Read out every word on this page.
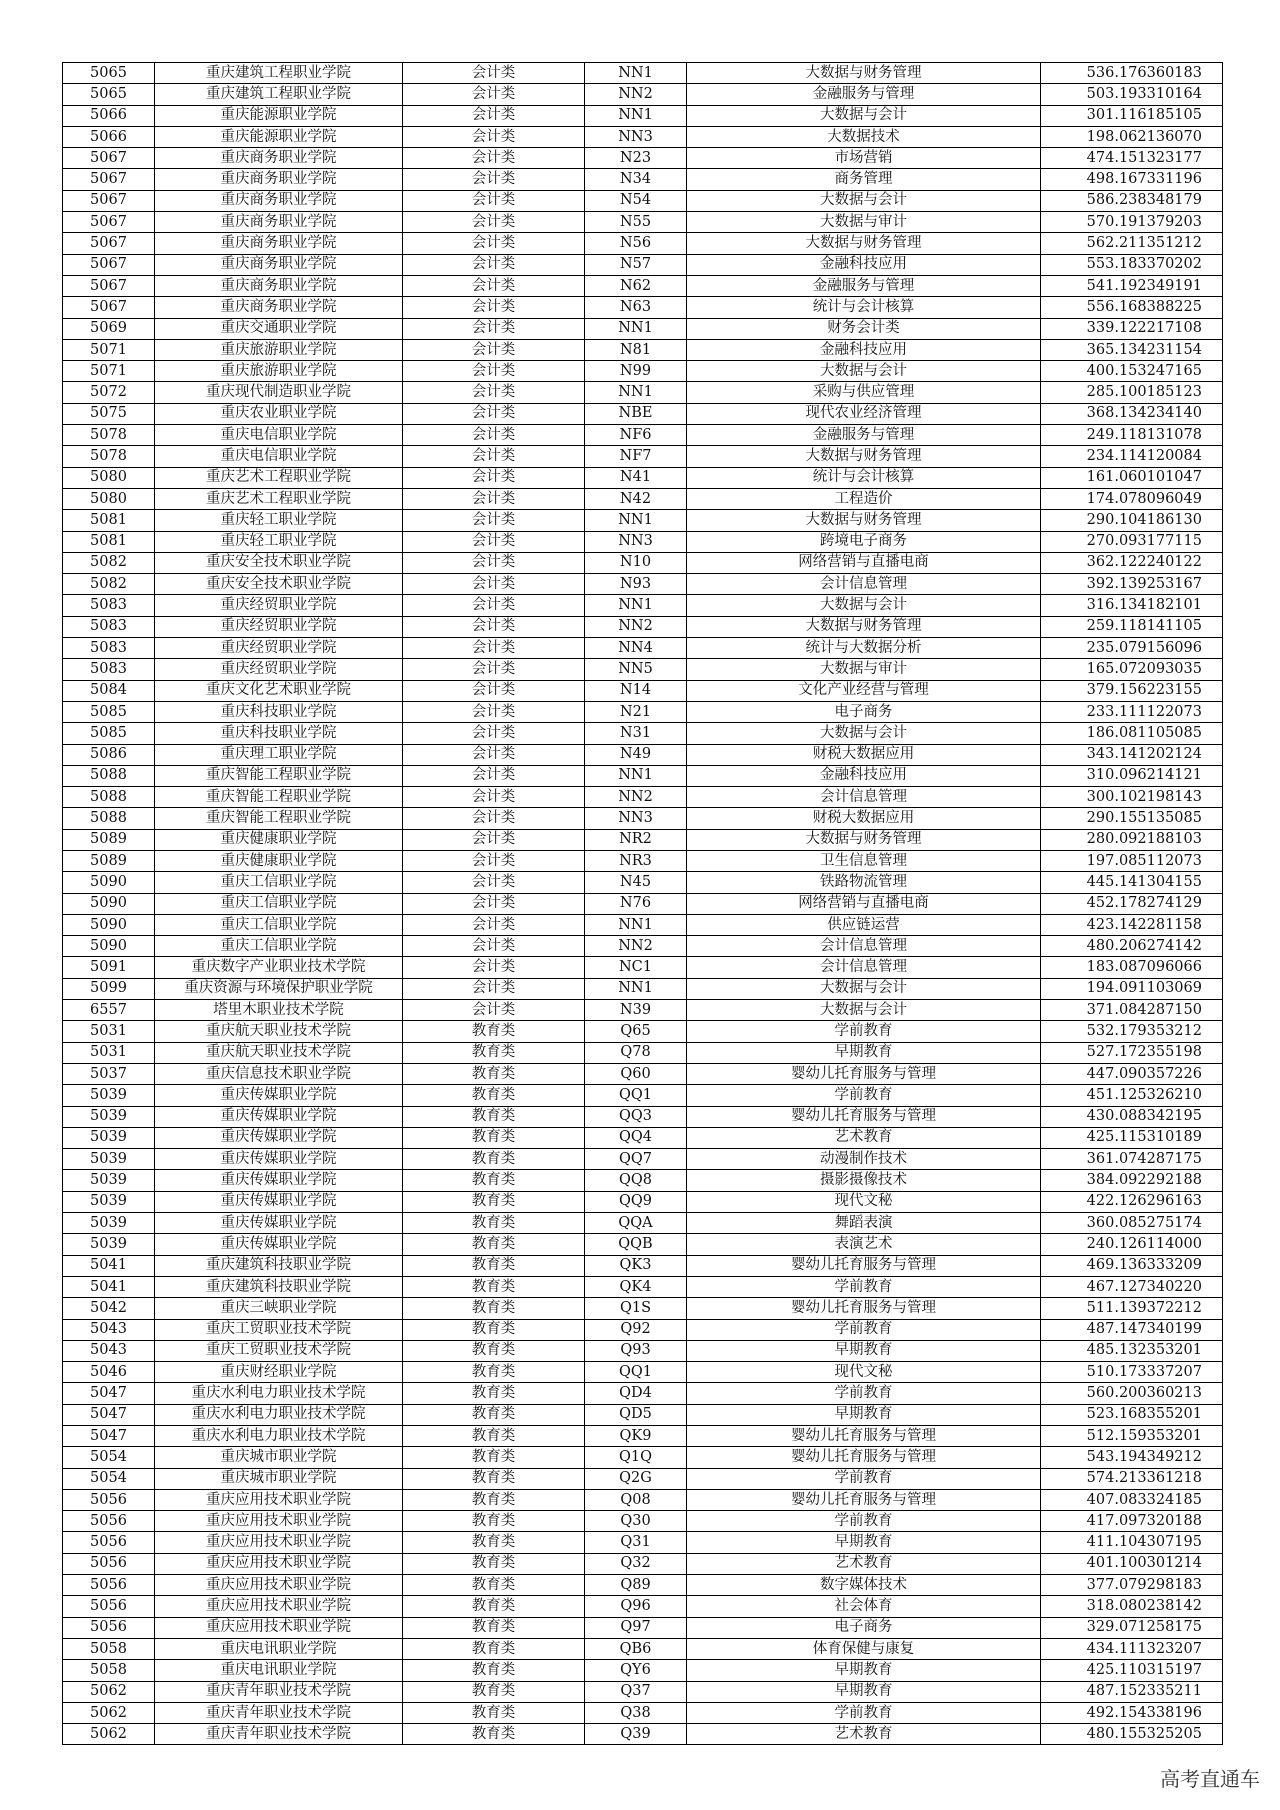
5065	重庆建筑工程职业学院	会计类	NN1	大数据与财务管理	536.176360183
5065	重庆建筑工程职业学院	会计类	NN2	金融服务与管理	503.193310164
5066	重庆能源职业学院	会计类	NN1	大数据与会计	301.116185105
5066	重庆能源职业学院	会计类	NN3	大数据技术	198.062136070
5067	重庆商务职业学院	会计类	N23	市场营销	474.151323177
5067	重庆商务职业学院	会计类	N34	商务管理	498.167331196
5067	重庆商务职业学院	会计类	N54	大数据与会计	586.238348179
5067	重庆商务职业学院	会计类	N55	大数据与审计	570.191379203
5067	重庆商务职业学院	会计类	N56	大数据与财务管理	562.211351212
5067	重庆商务职业学院	会计类	N57	金融科技应用	553.183370202
5067	重庆商务职业学院	会计类	N62	金融服务与管理	541.192349191
5067	重庆商务职业学院	会计类	N63	统计与会计核算	556.168388225
5069	重庆交通职业学院	会计类	NN1	财务会计类	339.122217108
5071	重庆旅游职业学院	会计类	N81	金融科技应用	365.134231154
5071	重庆旅游职业学院	会计类	N99	大数据与会计	400.153247165
5072	重庆现代制造职业学院	会计类	NN1	采购与供应管理	285.100185123
5075	重庆农业职业学院	会计类	NBE	现代农业经济管理	368.134234140
5078	重庆电信职业学院	会计类	NF6	金融服务与管理	249.118131078
5078	重庆电信职业学院	会计类	NF7	大数据与财务管理	234.114120084
5080	重庆艺术工程职业学院	会计类	N41	统计与会计核算	161.060101047
5080	重庆艺术工程职业学院	会计类	N42	工程造价	174.078096049
5081	重庆轻工职业学院	会计类	NN1	大数据与财务管理	290.104186130
5081	重庆轻工职业学院	会计类	NN3	跨境电子商务	270.093177115
5082	重庆安全技术职业学院	会计类	N10	网络营销与直播电商	362.122240122
5082	重庆安全技术职业学院	会计类	N93	会计信息管理	392.139253167
5083	重庆经贸职业学院	会计类	NN1	大数据与会计	316.134182101
5083	重庆经贸职业学院	会计类	NN2	大数据与财务管理	259.118141105
5083	重庆经贸职业学院	会计类	NN4	统计与大数据分析	235.079156096
5083	重庆经贸职业学院	会计类	NN5	大数据与审计	165.072093035
5084	重庆文化艺术职业学院	会计类	N14	文化产业经营与管理	379.156223155
5085	重庆科技职业学院	会计类	N21	电子商务	233.111122073
5085	重庆科技职业学院	会计类	N31	大数据与会计	186.081105085
5086	重庆理工职业学院	会计类	N49	财税大数据应用	343.141202124
5088	重庆智能工程职业学院	会计类	NN1	金融科技应用	310.096214121
5088	重庆智能工程职业学院	会计类	NN2	会计信息管理	300.102198143
5088	重庆智能工程职业学院	会计类	NN3	财税大数据应用	290.155135085
5089	重庆健康职业学院	会计类	NR2	大数据与财务管理	280.092188103
5089	重庆健康职业学院	会计类	NR3	卫生信息管理	197.085112073
5090	重庆工信职业学院	会计类	N45	铁路物流管理	445.141304155
5090	重庆工信职业学院	会计类	N76	网络营销与直播电商	452.178274129
5090	重庆工信职业学院	会计类	NN1	供应链运营	423.142281158
5090	重庆工信职业学院	会计类	NN2	会计信息管理	480.206274142
5091	重庆数字产业职业技术学院	会计类	NC1	会计信息管理	183.087096066
5099	重庆资源与环境保护职业学院	会计类	NN1	大数据与会计	194.091103069
6557	塔里木职业技术学院	会计类	N39	大数据与会计	371.084287150
5031	重庆航天职业技术学院	教育类	Q65	学前教育	532.179353212
5031	重庆航天职业技术学院	教育类	Q78	早期教育	527.172355198
5037	重庆信息技术职业学院	教育类	Q60	婴幼儿托育服务与管理	447.090357226
5039	重庆传媒职业学院	教育类	QQ1	学前教育	451.125326210
5039	重庆传媒职业学院	教育类	QQ3	婴幼儿托育服务与管理	430.088342195
5039	重庆传媒职业学院	教育类	QQ4	艺术教育	425.115310189
5039	重庆传媒职业学院	教育类	QQ7	动漫制作技术	361.074287175
5039	重庆传媒职业学院	教育类	QQ8	摄影摄像技术	384.092292188
5039	重庆传媒职业学院	教育类	QQ9	现代文秘	422.126296163
5039	重庆传媒职业学院	教育类	QQA	舞蹈表演	360.085275174
5039	重庆传媒职业学院	教育类	QQB	表演艺术	240.126114000
5041	重庆建筑科技职业学院	教育类	QK3	婴幼儿托育服务与管理	469.136333209
5041	重庆建筑科技职业学院	教育类	QK4	学前教育	467.127340220
5042	重庆三峡职业学院	教育类	Q1S	婴幼儿托育服务与管理	511.139372212
5043	重庆工贸职业技术学院	教育类	Q92	学前教育	487.147340199
5043	重庆工贸职业技术学院	教育类	Q93	早期教育	485.132353201
5046	重庆财经职业学院	教育类	QQ1	现代文秘	510.173337207
5047	重庆水利电力职业技术学院	教育类	QD4	学前教育	560.200360213
5047	重庆水利电力职业技术学院	教育类	QD5	早期教育	523.168355201
5047	重庆水利电力职业技术学院	教育类	QK9	婴幼儿托育服务与管理	512.159353201
5054	重庆城市职业学院	教育类	Q1Q	婴幼儿托育服务与管理	543.194349212
5054	重庆城市职业学院	教育类	Q2G	学前教育	574.213361218
5056	重庆应用技术职业学院	教育类	Q08	婴幼儿托育服务与管理	407.083324185
5056	重庆应用技术职业学院	教育类	Q30	学前教育	417.097320188
5056	重庆应用技术职业学院	教育类	Q31	早期教育	411.104307195
5056	重庆应用技术职业学院	教育类	Q32	艺术教育	401.100301214
5056	重庆应用技术职业学院	教育类	Q89	数字媒体技术	377.079298183
5056	重庆应用技术职业学院	教育类	Q96	社会体育	318.080238142
5056	重庆应用技术职业学院	教育类	Q97	电子商务	329.071258175
5058	重庆电讯职业学院	教育类	QB6	体育保健与康复	434.111323207
5058	重庆电讯职业学院	教育类	QY6	早期教育	425.110315197
5062	重庆青年职业技术学院	教育类	Q37	早期教育	487.152335211
5062	重庆青年职业技术学院	教育类	Q38	学前教育	492.154338196
5062	重庆青年职业技术学院	教育类	Q39	艺术教育	480.155325205
高考直通车
